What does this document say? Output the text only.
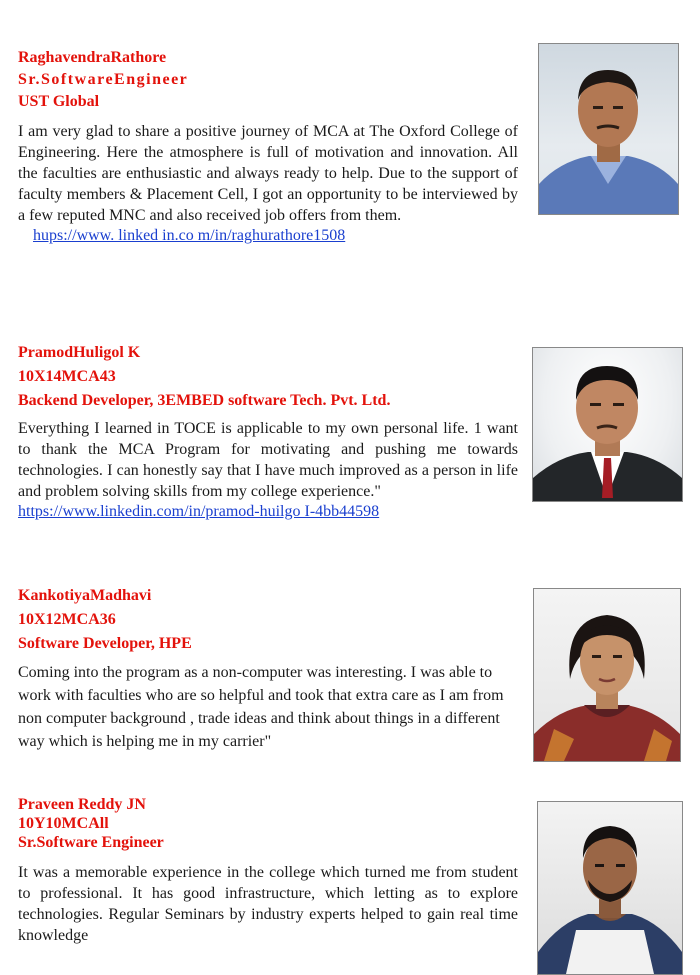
RaghavendraRathore

Sr.SoftwareEngineer

UST Global

I am very glad to share a positive journey of MCA at The Oxford College of Engineering. Here the atmosphere is full of motivation and innovation. All the faculties are enthusiastic and always ready to help. Due to the support of faculty members & Placement Cell, I got an opportunity to be interviewed by a few reputed MNC and also received job offers from them.

hups://www. linked in.co m/in/raghurathore1508

PramodHuligol K

10X14MCA43

Backend Developer, 3EMBED software Tech. Pvt. Ltd.

Everything I learned in TOCE is applicable to my own personal life. 1 want to thank the MCA Program for motivating and pushing me towards technologies. I can honestly say that I have much improved as a person in life and problem solving skills from my college experience."

https://www.linkedin.com/in/pramod-huilgo I-4bb44598

KankotiyaMadhavi

10X12MCA36

Software Developer, HPE

Coming into the program as a non-computer was interesting. I was able to work with faculties who are so helpful and took that extra care as I am from non computer background , trade ideas and think about things in a different way which is helping me in my carrier"

Praveen Reddy JN

10Y10MCAll

Sr.Software Engineer

It was a memorable experience in the college which turned me from student to professional. It has good infrastructure, which letting as to explore technologies. Regular Seminars by industry experts helped to gain real time knowledge
